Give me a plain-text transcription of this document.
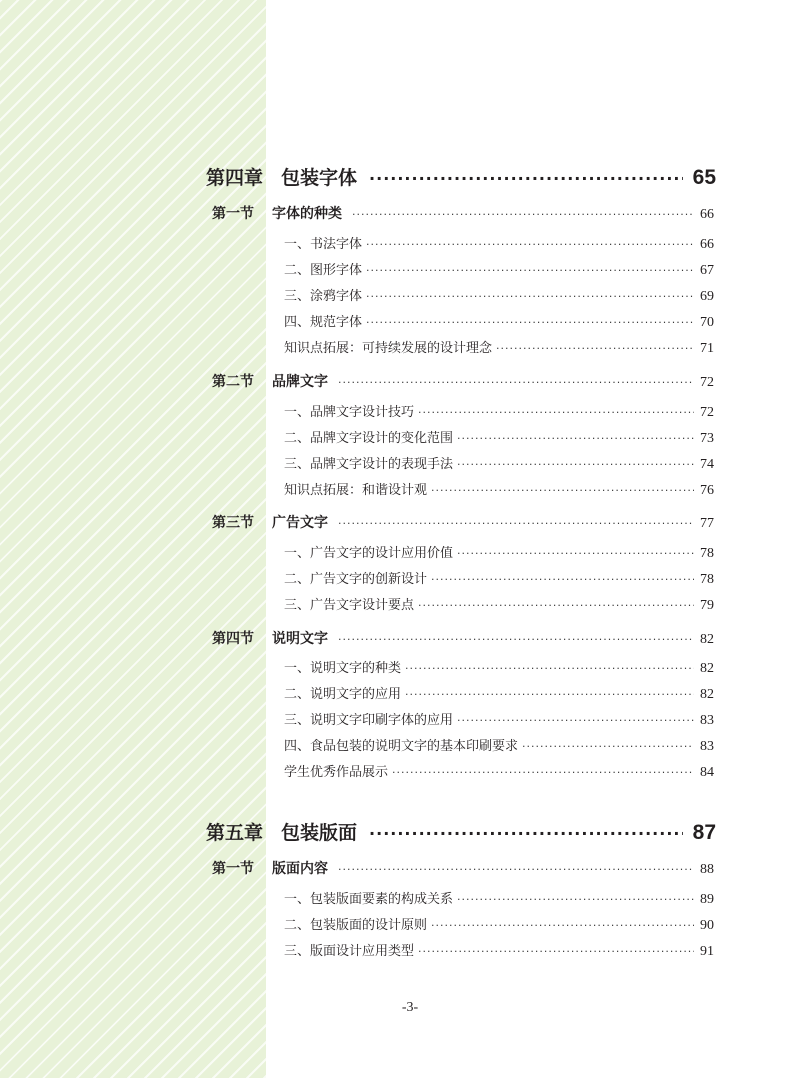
第四章 包装字体 ·····	65
第一节 字体的种类 ·····	66
一、书法字体 ·····	66
二、图形字体 ·····	67
三、涂鸦字体 ·····	69
四、规范字体 ·····	70
知识点拓展：可持续发展的设计理念 ·····	71
第二节 品牌文字 ·····	72
一、品牌文字设计技巧 ·····	72
二、品牌文字设计的变化范围 ·····	73
三、品牌文字设计的表现手法 ·····	74
知识点拓展：和谐设计观 ·····	76
第三节 广告文字 ·····	77
一、广告文字的设计应用价值 ·····	78
二、广告文字的创新设计 ·····	78
三、广告文字设计要点 ·····	79
第四节 说明文字 ·····	82
一、说明文字的种类 ·····	82
二、说明文字的应用 ·····	82
三、说明文字印刷字体的应用 ·····	83
四、食品包装的说明文字的基本印刷要求 ·····	83
学生优秀作品展示 ·····	84
第五章 包装版面 ·····	87
第一节 版面内容 ·····	88
一、包装版面要素的构成关系 ·····	89
二、包装版面的设计原则 ·····	90
三、版面设计应用类型 ·····	91
-3-
